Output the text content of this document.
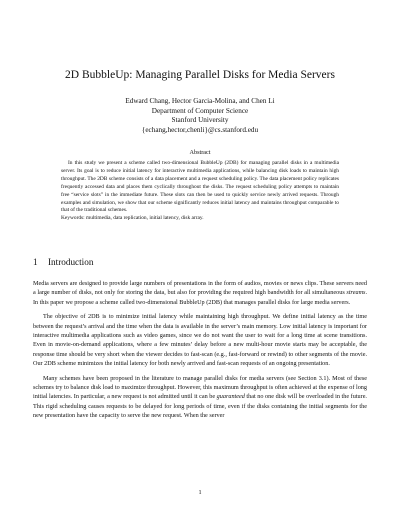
2D BubbleUp: Managing Parallel Disks for Media Servers
Edward Chang, Hector Garcia-Molina, and Chen Li
Department of Computer Science
Stanford University
{echang,hector,chenli}@cs.stanford.edu
Abstract

In this study we present a scheme called two-dimensional BubbleUp (2DB) for managing parallel disks in a multimedia server. Its goal is to reduce initial latency for interactive multimedia applications, while balancing disk loads to maintain high throughput. The 2DB scheme consists of a data placement and a request scheduling policy. The data placement policy replicates frequently accessed data and places them cyclically throughout the disks. The request scheduling policy attempts to maintain free “service slots” in the immediate future. These slots can then be used to quickly service newly arrived requests. Through examples and simulation, we show that our scheme significantly reduces initial latency and maintains throughput comparable to that of the traditional schemes.

Keywords: multimedia, data replication, initial latency, disk array.

1 Introduction

Media servers are designed to provide large numbers of presentations in the form of audios, movies or news clips. These servers need a large number of disks, not only for storing the data, but also for providing the required high bandwidth for all simultaneous streams. In this paper we propose a scheme called two-dimensional BubbleUp (2DB) that manages parallel disks for large media servers.

The objective of 2DB is to minimize initial latency while maintaining high throughput. We define initial latency as the time between the request’s arrival and the time when the data is available in the server’s main memory. Low initial latency is important for interactive multimedia applications such as video games, since we do not want the user to wait for a long time at scene transitions. Even in movie-on-demand applications, where a few minutes’ delay before a new multi-hour movie starts may be acceptable, the response time should be very short when the viewer decides to fast-scan (e.g., fast-forward or rewind) to other segments of the movie. Our 2DB scheme minimizes the initial latency for both newly arrived and fast-scan requests of an ongoing presentation.

Many schemes have been proposed in the literature to manage parallel disks for media servers (see Section 3.1). Most of these schemes try to balance disk load to maximize throughput. However, this maximum throughput is often achieved at the expense of long initial latencies. In particular, a new request is not admitted until it can be guaranteed that no one disk will be overloaded in the future. This rigid scheduling causes requests to be delayed for long periods of time, even if the disks containing the initial segments for the new presentation have the capacity to serve the new request. When the server

1
